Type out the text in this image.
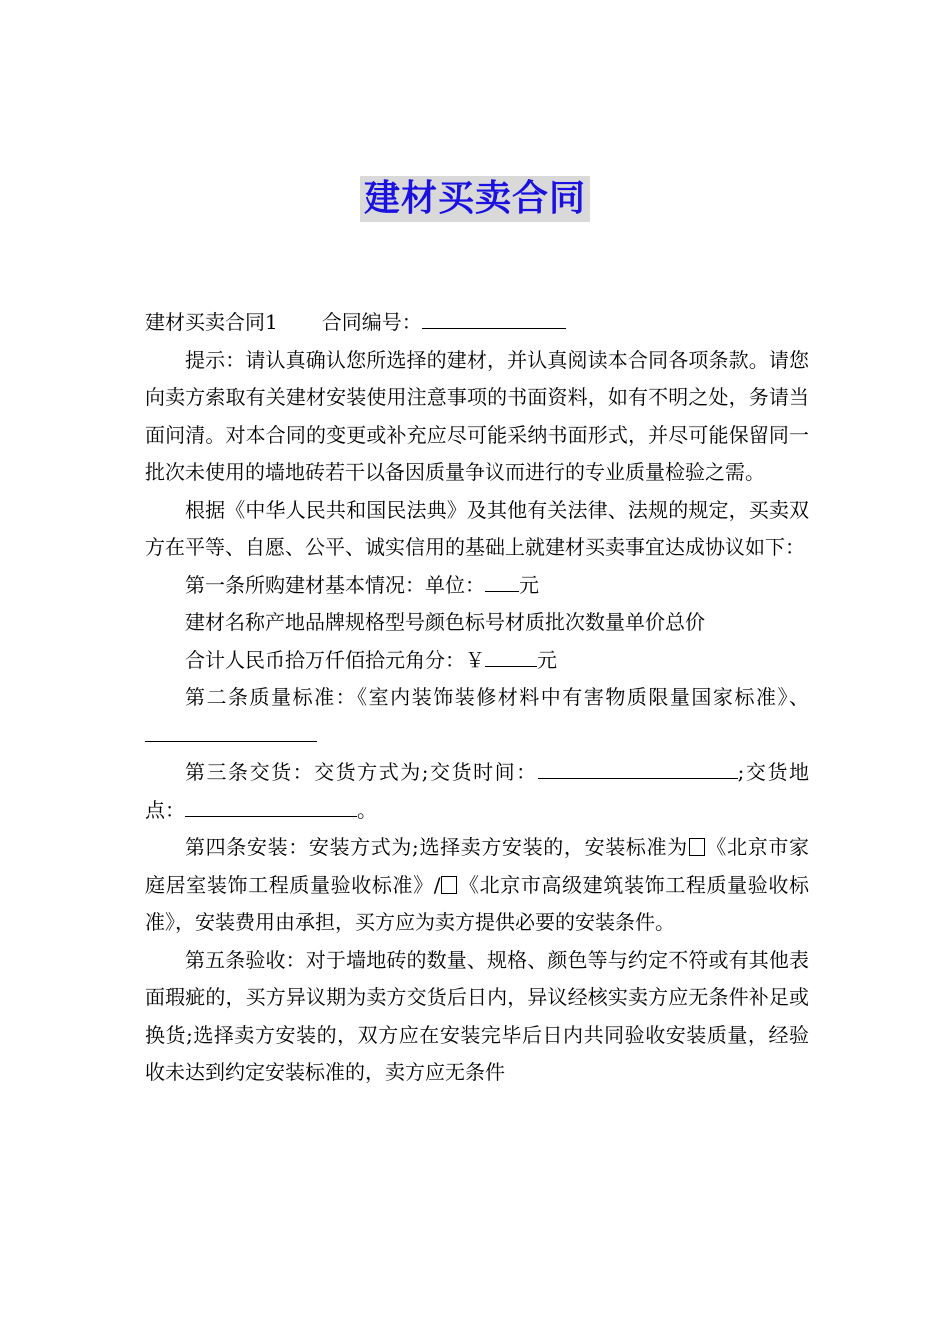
建材买卖合同

建材买卖合同1 合同编号：

提示：请认真确认您所选择的建材，并认真阅读本合同各项条款。请您向卖方索取有关建材安装使用注意事项的书面资料，如有不明之处，务请当面问清。对本合同的变更或补充应尽可能采纳书面形式，并尽可能保留同一批次未使用的墙地砖若干以备因质量争议而进行的专业质量检验之需。

根据《中华人民共和国民法典》及其他有关法律、法规的规定，买卖双方在平等、自愿、公平、诚实信用的基础上就建材买卖事宜达成协议如下：

第一条所购建材基本情况：单位： 元

建材名称产地品牌规格型号颜色标号材质批次数量单价总价

合计人民币拾万仟佰拾元角分：￥	元

第二条质量标准：《室内装饰装修材料中有害物质限量国家标准》、

第三条交货：交货方式为;交货时间：	;交货地点：	。

第四条安装：安装方式为;选择卖方安装的，安装标准为 《北京市家庭居室装饰工程质量验收标准》/ 《北京市高级建筑装饰工程质量验收标准》，安装费用由承担，买方应为卖方提供必要的安装条件。

第五条验收：对于墙地砖的数量、规格、颜色等与约定不符或有其他表面瑕疵的，买方异议期为卖方交货后日内，异议经核实卖方应无条件补足或换货;选择卖方安装的，双方应在安装完毕后日内共同验收安装质量，经验收未达到约定安装标准的，卖方应无条件
